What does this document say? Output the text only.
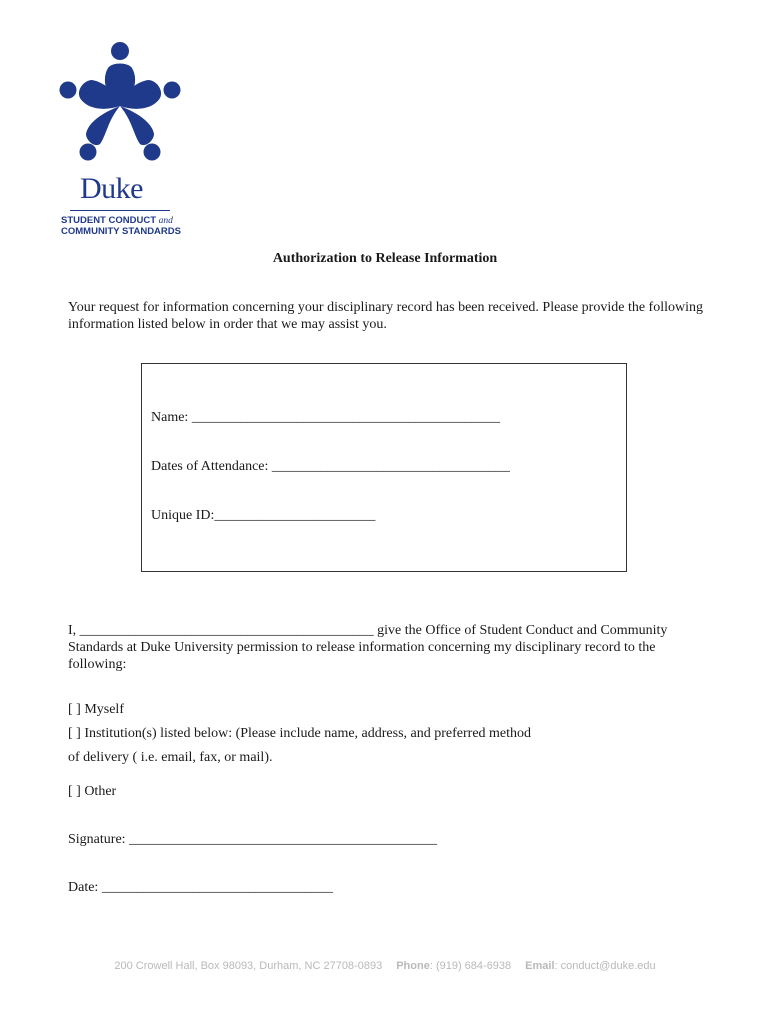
Duke
STUDENT CONDUCT and
COMMUNITY STANDARDS
Authorization to Release Information
Your request for information concerning your disciplinary record has been received. Please provide the following information listed below in order that we may assist you.
Name: ____________________________________________
Dates of Attendance: __________________________________
Unique ID:_______________________
I, __________________________________________ give the Office of Student Conduct and Community Standards at Duke University permission to release information concerning my disciplinary record to the following:
[ ] Myself
[ ] Institution(s) listed below: (Please include name, address, and preferred method
of delivery ( i.e. email, fax, or mail).
[ ] Other
Signature: ____________________________________________
Date: _________________________________
200 Crowell Hall, Box 98093, Durham, NC 27708-0893 Phone: (919) 684-6938 Email: conduct@duke.edu
